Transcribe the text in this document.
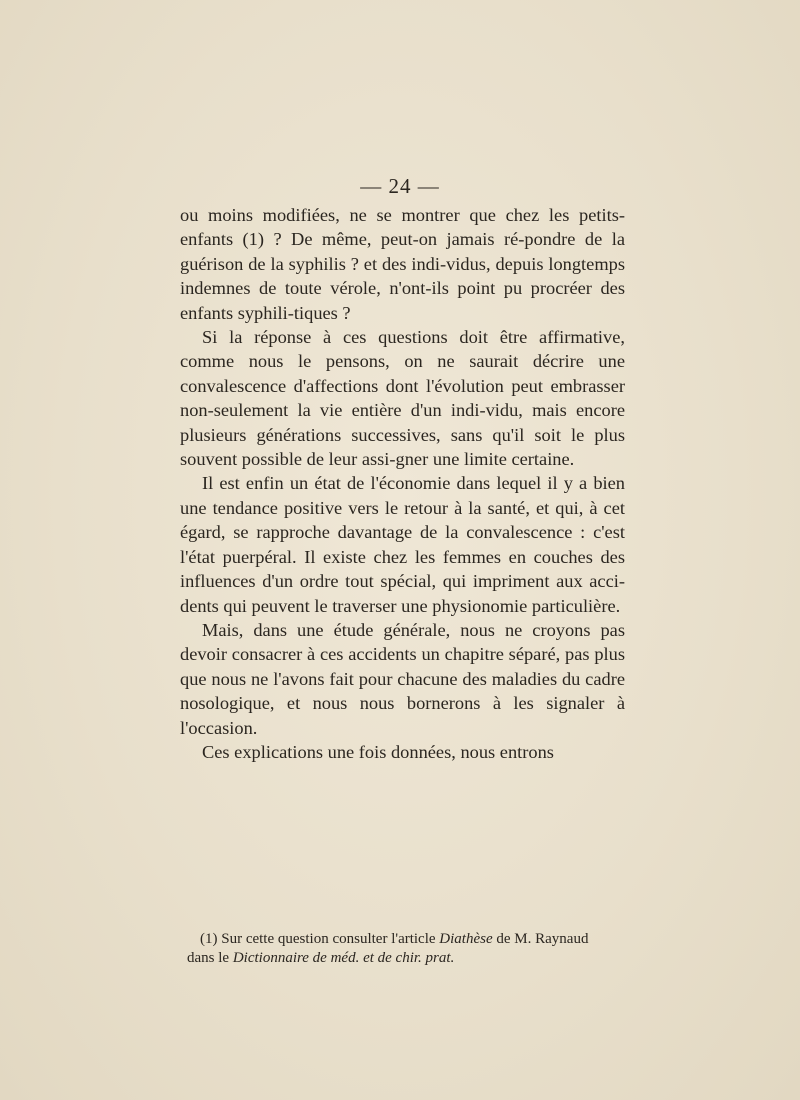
— 24 —

ou moins modifiées, ne se montrer que chez les petits-enfants (1) ? De même, peut-on jamais ré-pondre de la guérison de la syphilis ? et des indi-vidus, depuis longtemps indemnes de toute vérole, n'ont-ils point pu procréer des enfants syphili-tiques ?

Si la réponse à ces questions doit être affirmative, comme nous le pensons, on ne saurait décrire une convalescence d'affections dont l'évolution peut embrasser non-seulement la vie entière d'un indi-vidu, mais encore plusieurs générations successives, sans qu'il soit le plus souvent possible de leur assi-gner une limite certaine.

Il est enfin un état de l'économie dans lequel il y a bien une tendance positive vers le retour à la santé, et qui, à cet égard, se rapproche davantage de la convalescence : c'est l'état puerpéral. Il existe chez les femmes en couches des influences d'un ordre tout spécial, qui impriment aux acci-dents qui peuvent le traverser une physionomie particulière.

Mais, dans une étude générale, nous ne croyons pas devoir consacrer à ces accidents un chapitre séparé, pas plus que nous ne l'avons fait pour chacune des maladies du cadre nosologique, et nous nous bornerons à les signaler à l'occasion.

Ces explications une fois données, nous entrons

(1) Sur cette question consulter l'article Diathèse de M. Raynaud
dans le Dictionnaire de méd. et de chir. prat.
